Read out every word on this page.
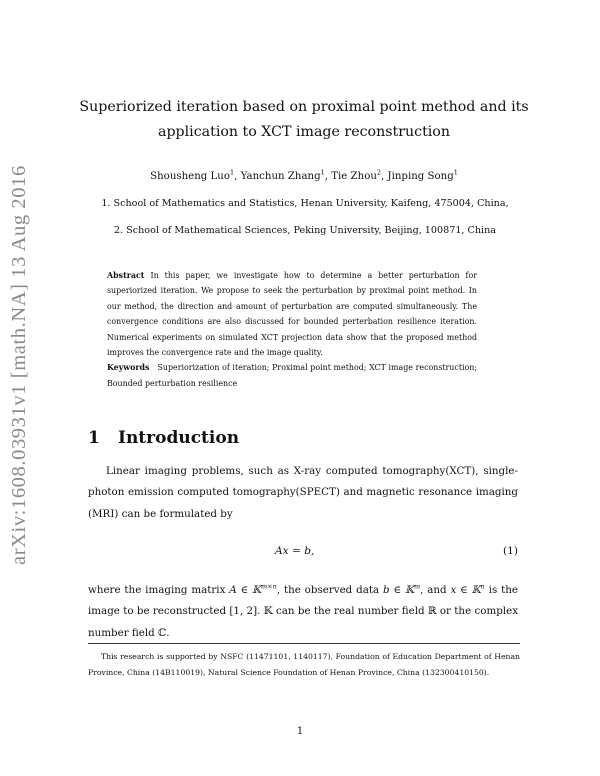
arXiv:1608.03931v1 [math.NA] 13 Aug 2016
Superiorized iteration based on proximal point method and its
application to XCT image reconstruction
Shousheng Luo$^1$, Yanchun Zhang$^1$, Tie Zhou$^2$, Jinping Song$^1$
1. School of Mathematics and Statistics, Henan University, Kaifeng, 475004, China,
2. School of Mathematical Sciences, Peking University, Beijing, 100871, China
Abstract In this paper, we investigate how to determine a better perturbation for superiorized iteration. We propose to seek the perturbation by proximal point method. In our method, the direction and amount of perturbation are computed simultaneously. The convergence conditions are also discussed for bounded perterbation resilience iteration. Numerical experiments on simulated XCT projection data show that the proposed method improves the convergence rate and the image quality.
Keywords Superiorization of iteration; Proximal point method; XCT image reconstruction; Bounded perturbation resilience
1 Introduction
Linear imaging problems, such as X-ray computed tomography(XCT), single-photon emission computed tomography(SPECT) and magnetic resonance imaging (MRI) can be formulated by
Ax = b,	(1)
where the imaging matrix A ∈ 𝕂$^{m\times n}$, the observed data b ∈ 𝕂$^m$, and x ∈ 𝕂$^n$ is the image to be reconstructed [1, 2]. 𝕂 can be the real number field ℝ or the complex number field ℂ.
This research is supported by NSFC (11471101, 1140117), Foundation of Education Department of Henan Province, China (14B110019), Natural Science Foundation of Henan Province, China (132300410150).
1
